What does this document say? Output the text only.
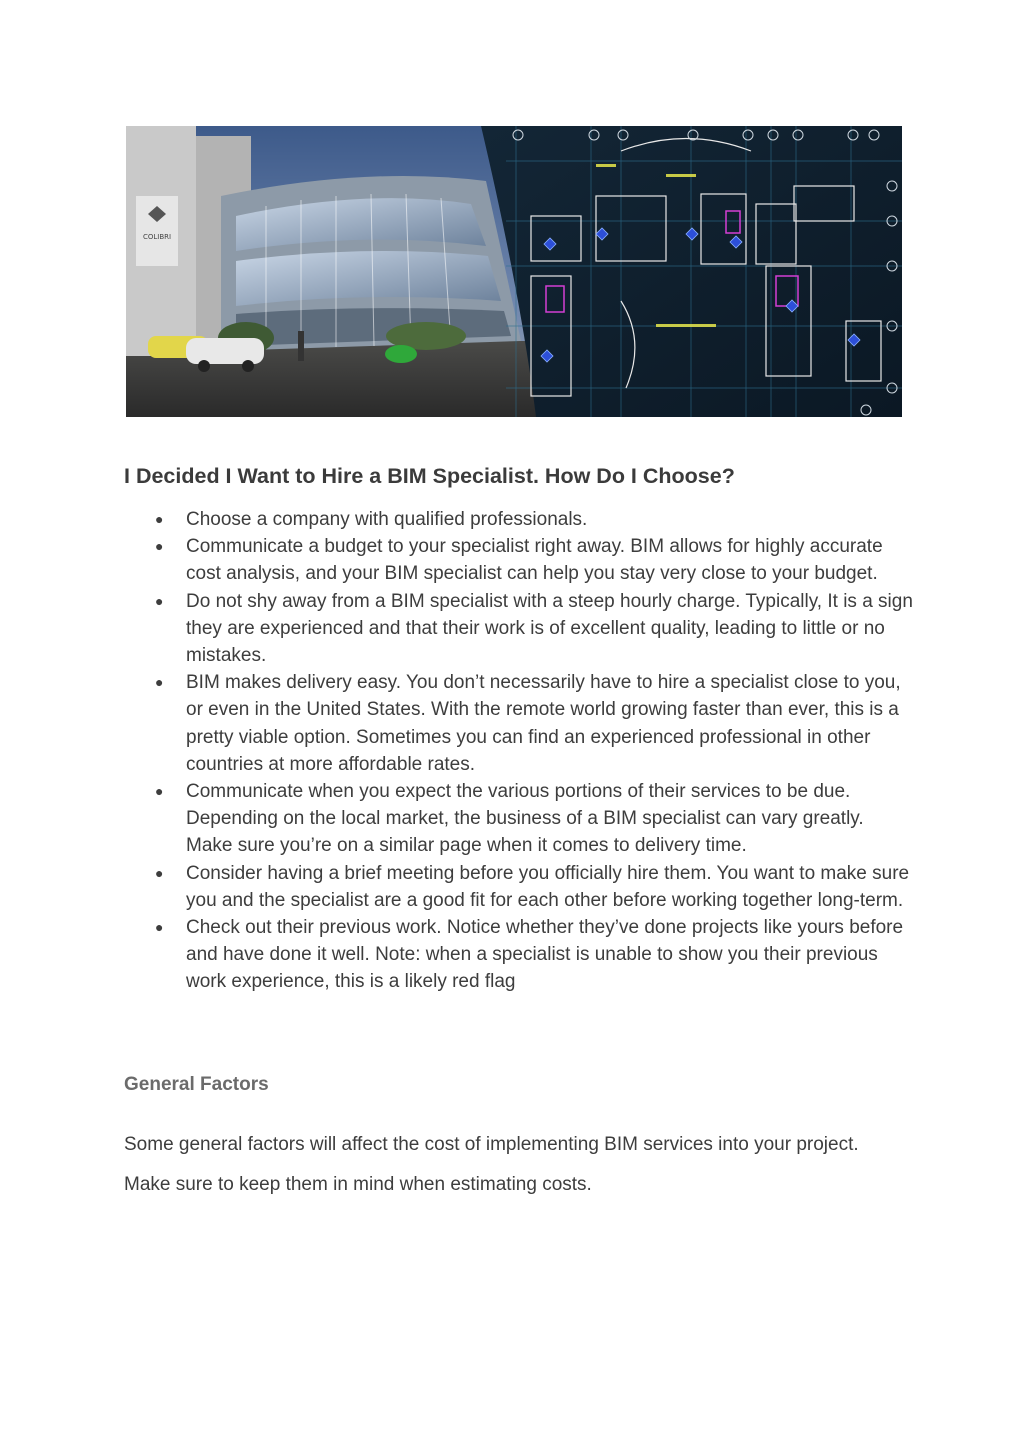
COLIBRI
I Decided I Want to Hire a BIM Specialist. How Do I Choose?
● Choose a company with qualified professionals.
● Communicate a budget to your specialist right away. BIM allows for highly accurate cost analysis, and your BIM specialist can help you stay very close to your budget.
● Do not shy away from a BIM specialist with a steep hourly charge. Typically, It is a sign they are experienced and that their work is of excellent quality, leading to little or no mistakes.
● BIM makes delivery easy. You don’t necessarily have to hire a specialist close to you, or even in the United States. With the remote world growing faster than ever, this is a pretty viable option. Sometimes you can find an experienced professional in other countries at more affordable rates.
● Communicate when you expect the various portions of their services to be due. Depending on the local market, the business of a BIM specialist can vary greatly. Make sure you’re on a similar page when it comes to delivery time.
● Consider having a brief meeting before you officially hire them. You want to make sure you and the specialist are a good fit for each other before working together long-term.
● Check out their previous work. Notice whether they’ve done projects like yours before and have done it well. Note: when a specialist is unable to show you their previous work experience, this is a likely red flag
General Factors

Some general factors will affect the cost of implementing BIM services into your project. Make sure to keep them in mind when estimating costs.
